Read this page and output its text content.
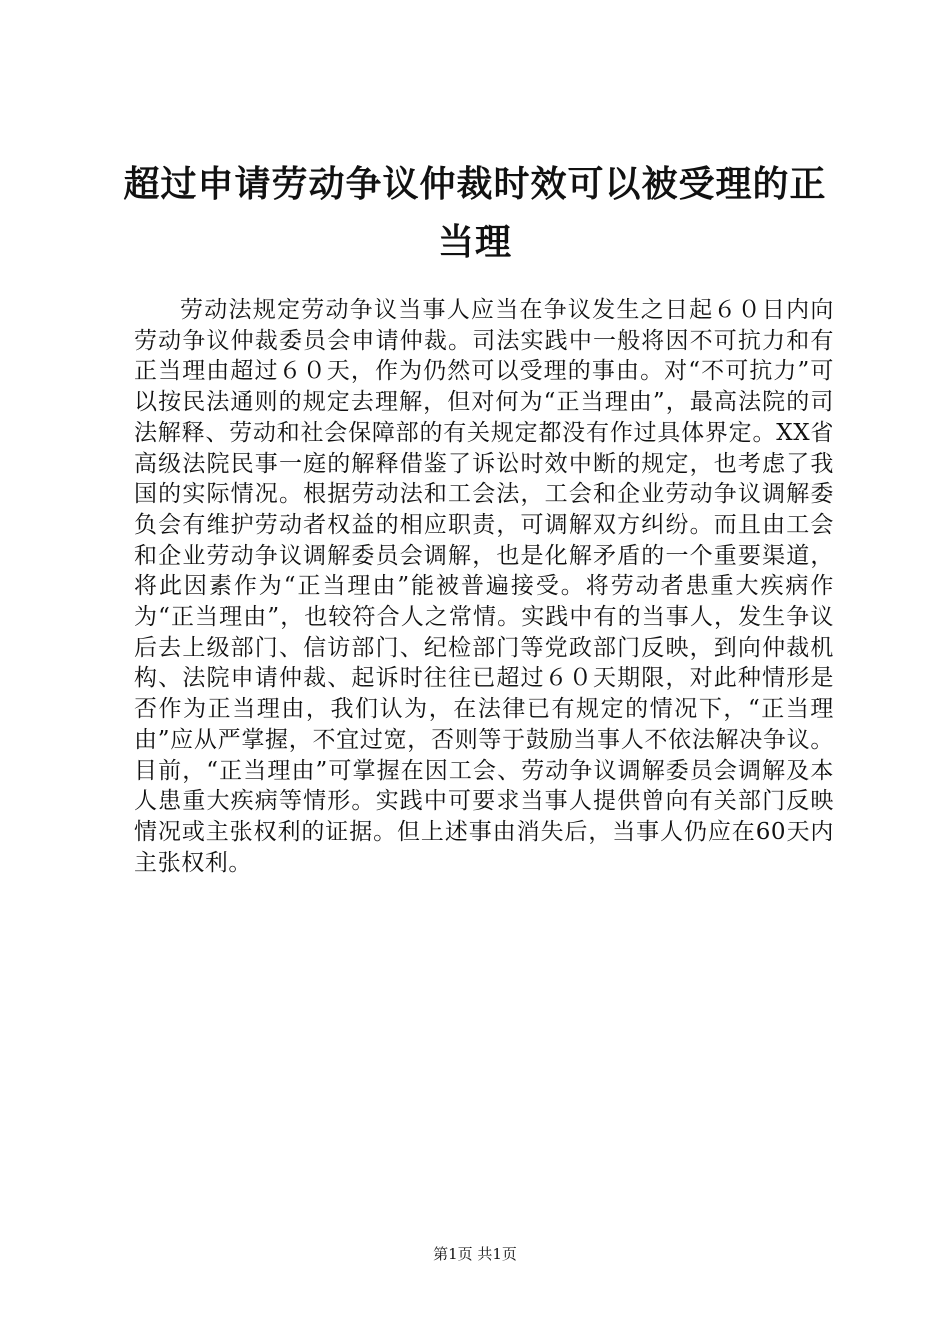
超过申请劳动争议仲裁时效可以被受理的正当理

劳动法规定劳动争议当事人应当在争议发生之日起６０日内向劳动争议仲裁委员会申请仲裁。司法实践中一般将因不可抗力和有正当理由超过６０天，作为仍然可以受理的事由。对“不可抗力”可以按民法通则的规定去理解，但对何为“正当理由”，最高法院的司法解释、劳动和社会保障部的有关规定都没有作过具体界定。XX省高级法院民事一庭的解释借鉴了诉讼时效中断的规定，也考虑了我国的实际情况。根据劳动法和工会法，工会和企业劳动争议调解委负会有维护劳动者权益的相应职责，可调解双方纠纷。而且由工会和企业劳动争议调解委员会调解，也是化解矛盾的一个重要渠道，将此因素作为“正当理由”能被普遍接受。将劳动者患重大疾病作为“正当理由”，也较符合人之常情。实践中有的当事人，发生争议后去上级部门、信访部门、纪检部门等党政部门反映，到向仲裁机构、法院申请仲裁、起诉时往往已超过６０天期限，对此种情形是否作为正当理由，我们认为，在法律已有规定的情况下，“正当理由”应从严掌握，不宜过宽，否则等于鼓励当事人不依法解决争议。目前，“正当理由”可掌握在因工会、劳动争议调解委员会调解及本人患重大疾病等情形。实践中可要求当事人提供曾向有关部门反映情况或主张权利的证据。但上述事由消失后，当事人仍应在60天内主张权利。

第1页 共1页
